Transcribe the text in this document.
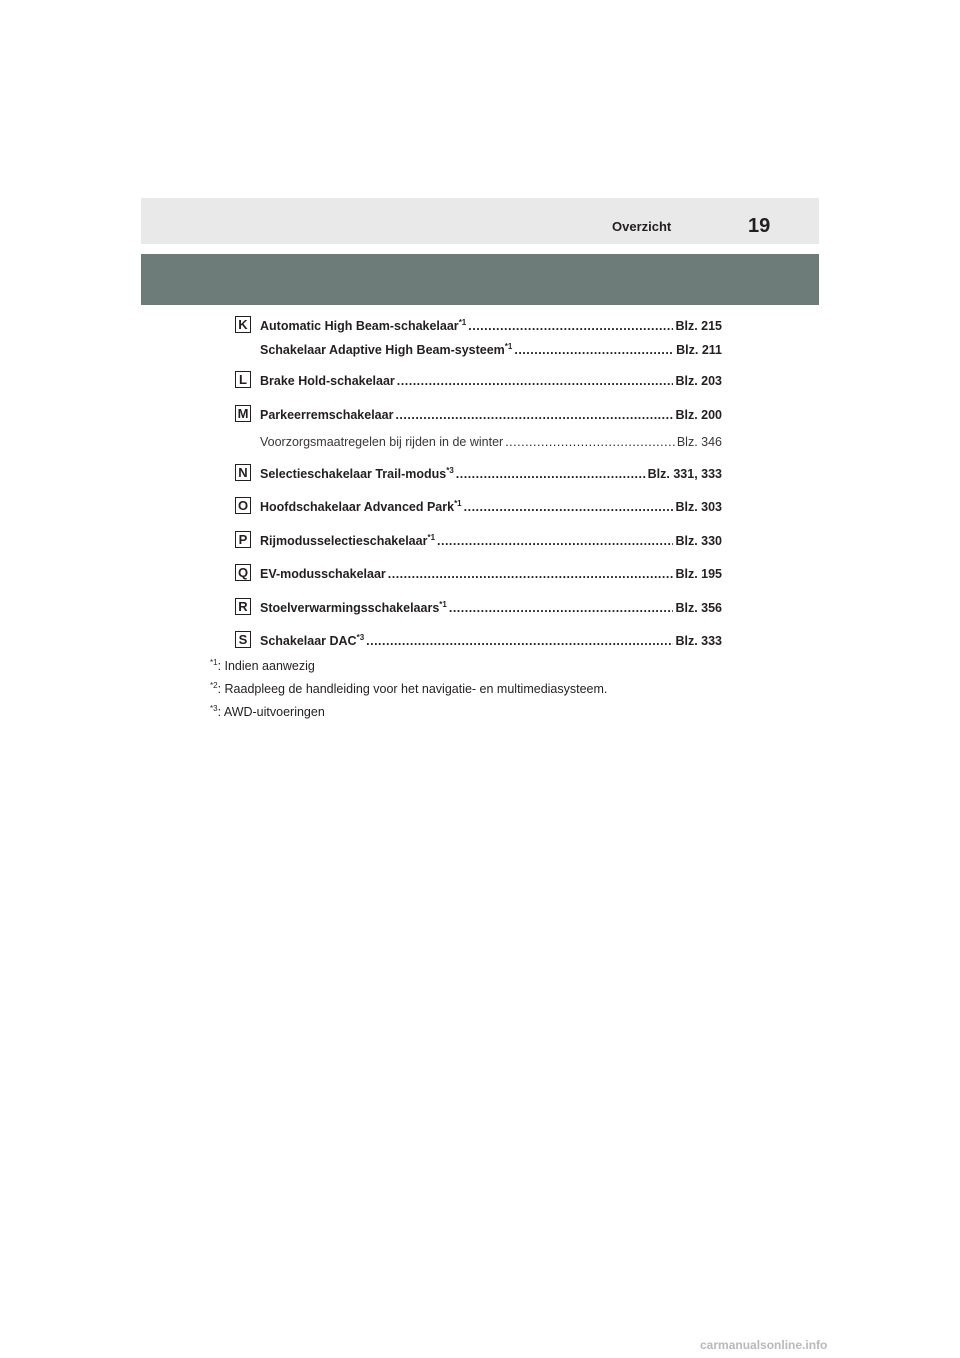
Overzicht	19
K Automatic High Beam-schakelaar$^{*1}$ .....	Blz. 215
Schakelaar Adaptive High Beam-systeem$^{*1}$ .....	Blz. 211
L	Brake Hold-schakelaar .....	Blz. 203
M Parkeerremschakelaar .....	Blz. 200
Voorzorgsmaatregelen bij rijden in de winter .....	Blz. 346
N Selectieschakelaar Trail-modus$^{*3}$ .....	Blz. 331, 333
O Hoofdschakelaar Advanced Park$^{*1}$ .....	Blz. 303
P Rijmodusselectieschakelaar$^{*1}$ .....	Blz. 330
Q EV-modusschakelaar .....	Blz. 195
R Stoelverwarmingsschakelaars$^{*1}$ .....	Blz. 356
S Schakelaar DAC$^{*3}$ .....	Blz. 333
$^{*1}$: Indien aanwezig
$^{*2}$: Raadpleeg de handleiding voor het navigatie- en multimediasysteem.
$^{*3}$: AWD-uitvoeringen
carmanualsonline.info
